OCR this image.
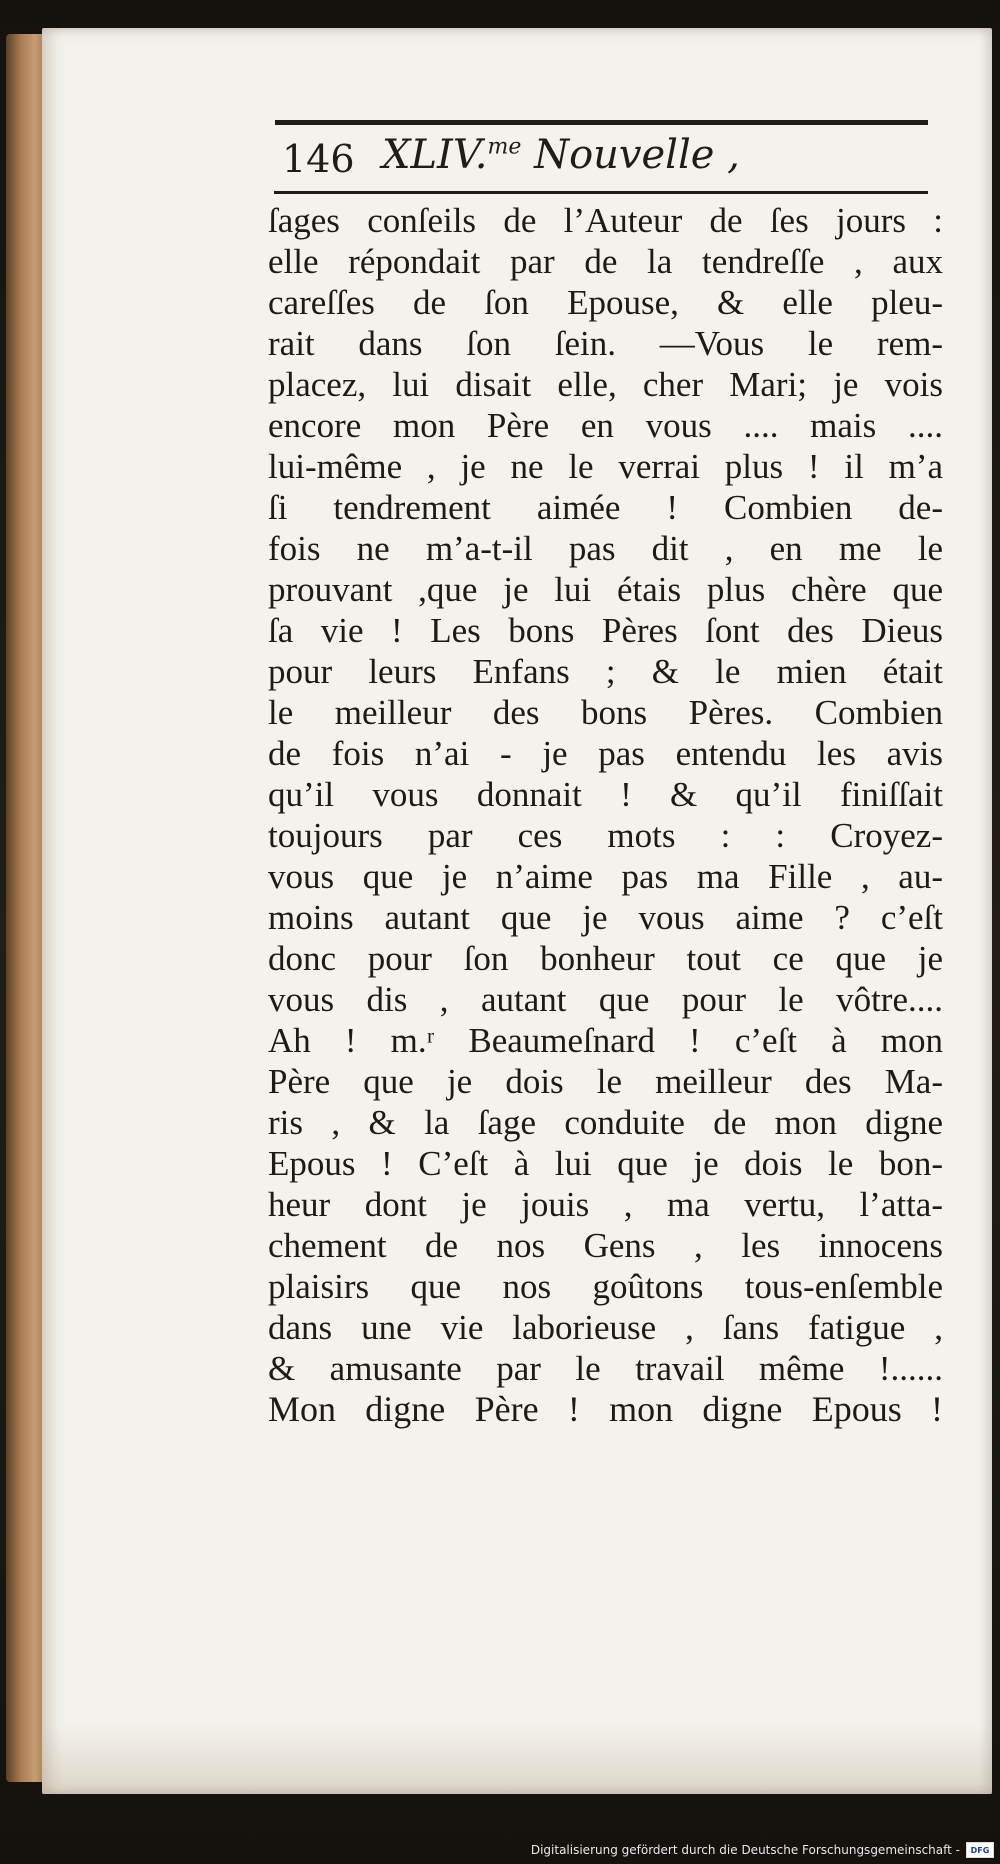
146 XLIV.$^{me}$ Nouvelle ,
ſages conſeils de l’Auteur de ſes jours :
elle répondait par de la tendreſſe , aux
careſſes de ſon Epouse, & elle pleu-
rait dans ſon ſein. —Vous le rem-
placez, lui disait elle, cher Mari; je vois
encore mon Père en vous .... mais ....
lui-même , je ne le verrai plus ! il m’a
ſi tendrement aimée ! Combien de-
fois ne m’a-t-il pas dit , en me le
prouvant ,que je lui étais plus chère que
ſa vie ! Les bons Pères ſont des Dieus
pour leurs Enfans ; & le mien était
le meilleur des bons Pères. Combien
de fois n’ai - je pas entendu les avis
qu’il vous donnait ! & qu’il finiſſait
toujours par ces mots : : Croyez-
vous que je n’aime pas ma Fille , au-
moins autant que je vous aime ? c’eſt
donc pour ſon bonheur tout ce que je
vous dis , autant que pour le vôtre....
Ah ! m.ʳ Beaumeſnard ! c’eſt à mon
Père que je dois le meilleur des Ma-
ris , & la ſage conduite de mon digne
Epous ! C’eſt à lui que je dois le bon-
heur dont je jouis , ma vertu, l’atta-
chement de nos Gens , les innocens
plaisirs que nos goûtons tous-enſemble
dans une vie laborieuse , ſans fatigue ,
& amusante par le travail même !......
Mon digne Père ! mon digne Epous !
Digitalisierung gefördert durch die Deutsche Forschungsgemeinschaft -	DFG
